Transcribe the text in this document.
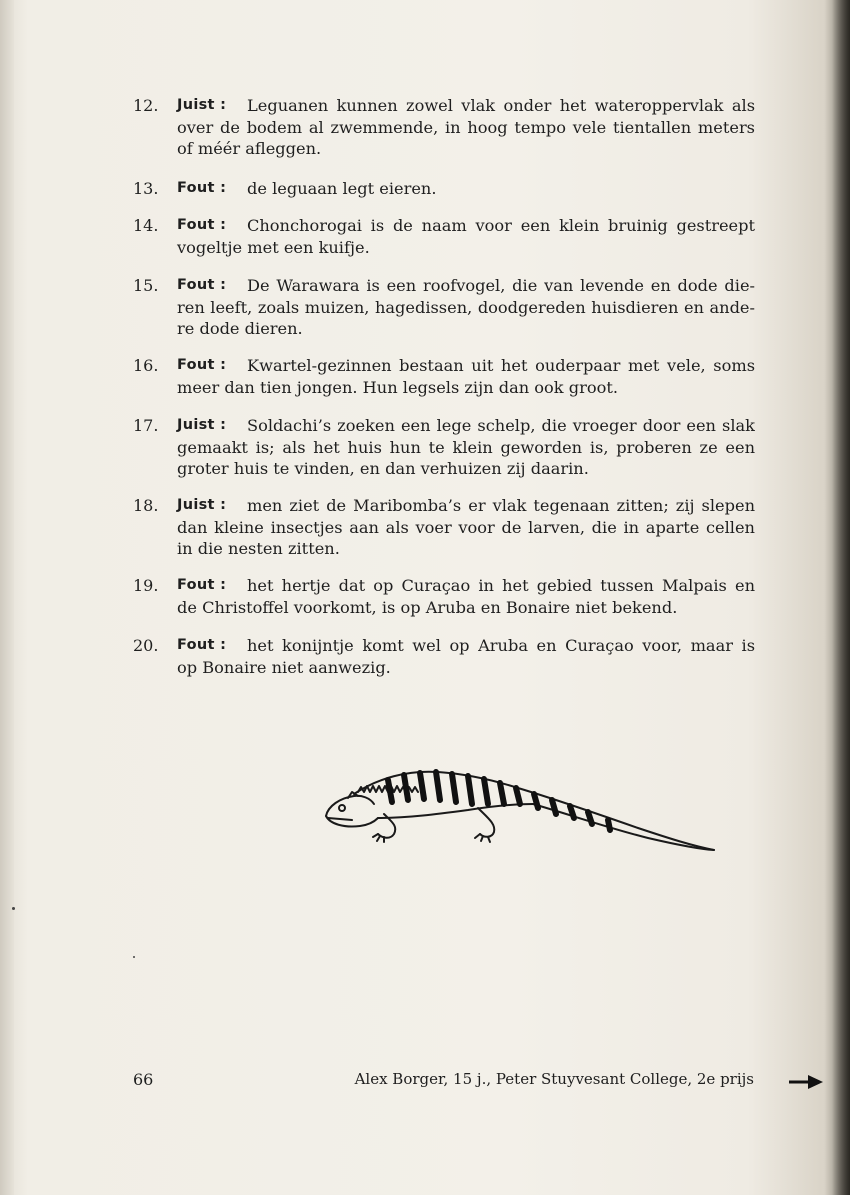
12. Juist :	Leguanen kunnen zowel vlak onder het wateroppervlak als
over de bodem al zwemmende, in hoog tempo vele tientallen meters
of méér afleggen.
13. Fout :	de leguaan legt eieren.
14. Fout :	Chonchorogai is de naam voor een klein bruinig gestreept
vogeltje met een kuifje.
15. Fout :	De Warawara is een roofvogel, die van levende en dode die-
ren leeft, zoals muizen, hagedissen, doodgereden huisdieren en ande-
re dode dieren.
16. Fout :	Kwartel-gezinnen bestaan uit het ouderpaar met vele, soms
meer dan tien jongen. Hun legsels zijn dan ook groot.
17. Juist :	Soldachi’s zoeken een lege schelp, die vroeger door een slak
gemaakt is; als het huis hun te klein geworden is, proberen ze een
groter huis te vinden, en dan verhuizen zij daarin.
18. Juist :	men ziet de Maribomba’s er vlak tegenaan zitten; zij slepen
dan kleine insectjes aan als voer voor de larven, die in aparte cellen
in die nesten zitten.
19. Fout :	het hertje dat op Curaçao in het gebied tussen Malpais en
de Christoffel voorkomt, is op Aruba en Bonaire niet bekend.
20. Fout :	het konijntje komt wel op Aruba en Curaçao voor, maar is
op Bonaire niet aanwezig.
66	Alex Borger, 15 j., Peter Stuyvesant College, 2e prijs
